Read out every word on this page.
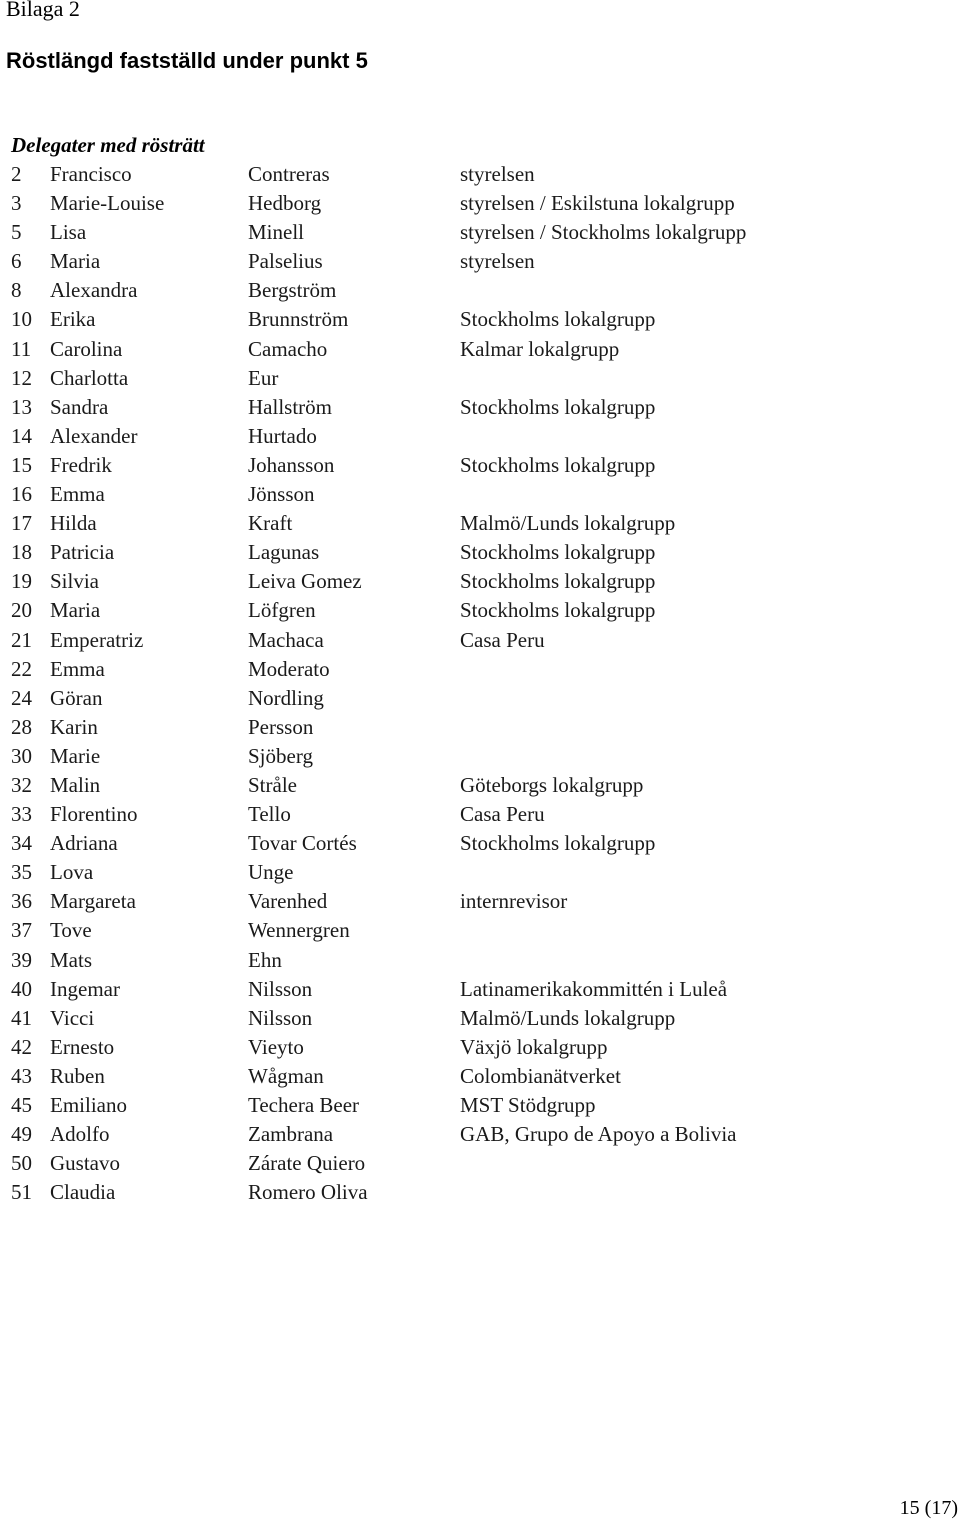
Bilaga 2
Röstlängd fastställd under punkt 5
Delegater med rösträtt
2 Francisco	Contreras	styrelsen
3 Marie-Louise	Hedborg	styrelsen / Eskilstuna lokalgrupp
5 Lisa	Minell	styrelsen / Stockholms lokalgrupp
6 Maria	Palselius	styrelsen
8 Alexandra	Bergström
10 Erika	Brunnström	Stockholms lokalgrupp
11 Carolina	Camacho	Kalmar lokalgrupp
12 Charlotta	Eur
13 Sandra	Hallström	Stockholms lokalgrupp
14 Alexander	Hurtado
15 Fredrik	Johansson	Stockholms lokalgrupp
16 Emma	Jönsson
17 Hilda	Kraft	Malmö/Lunds lokalgrupp
18 Patricia	Lagunas	Stockholms lokalgrupp
19 Silvia	Leiva Gomez	Stockholms lokalgrupp
20 Maria	Löfgren	Stockholms lokalgrupp
21 Emperatriz	Machaca	Casa Peru
22 Emma	Moderato
24 Göran	Nordling
28 Karin	Persson
30 Marie	Sjöberg
32 Malin	Stråle	Göteborgs lokalgrupp
33 Florentino	Tello	Casa Peru
34 Adriana	Tovar Cortés	Stockholms lokalgrupp
35 Lova	Unge
36 Margareta	Varenhed	internrevisor
37 Tove	Wennergren
39 Mats	Ehn
40 Ingemar	Nilsson	Latinamerikakommittén i Luleå
41 Vicci	Nilsson	Malmö/Lunds lokalgrupp
42 Ernesto	Vieyto	Växjö lokalgrupp
43 Ruben	Wågman	Colombianätverket
45 Emiliano	Techera Beer	MST Stödgrupp
49 Adolfo	Zambrana	GAB, Grupo de Apoyo a Bolivia
50 Gustavo	Zárate Quiero
51 Claudia	Romero Oliva
15 (17)
